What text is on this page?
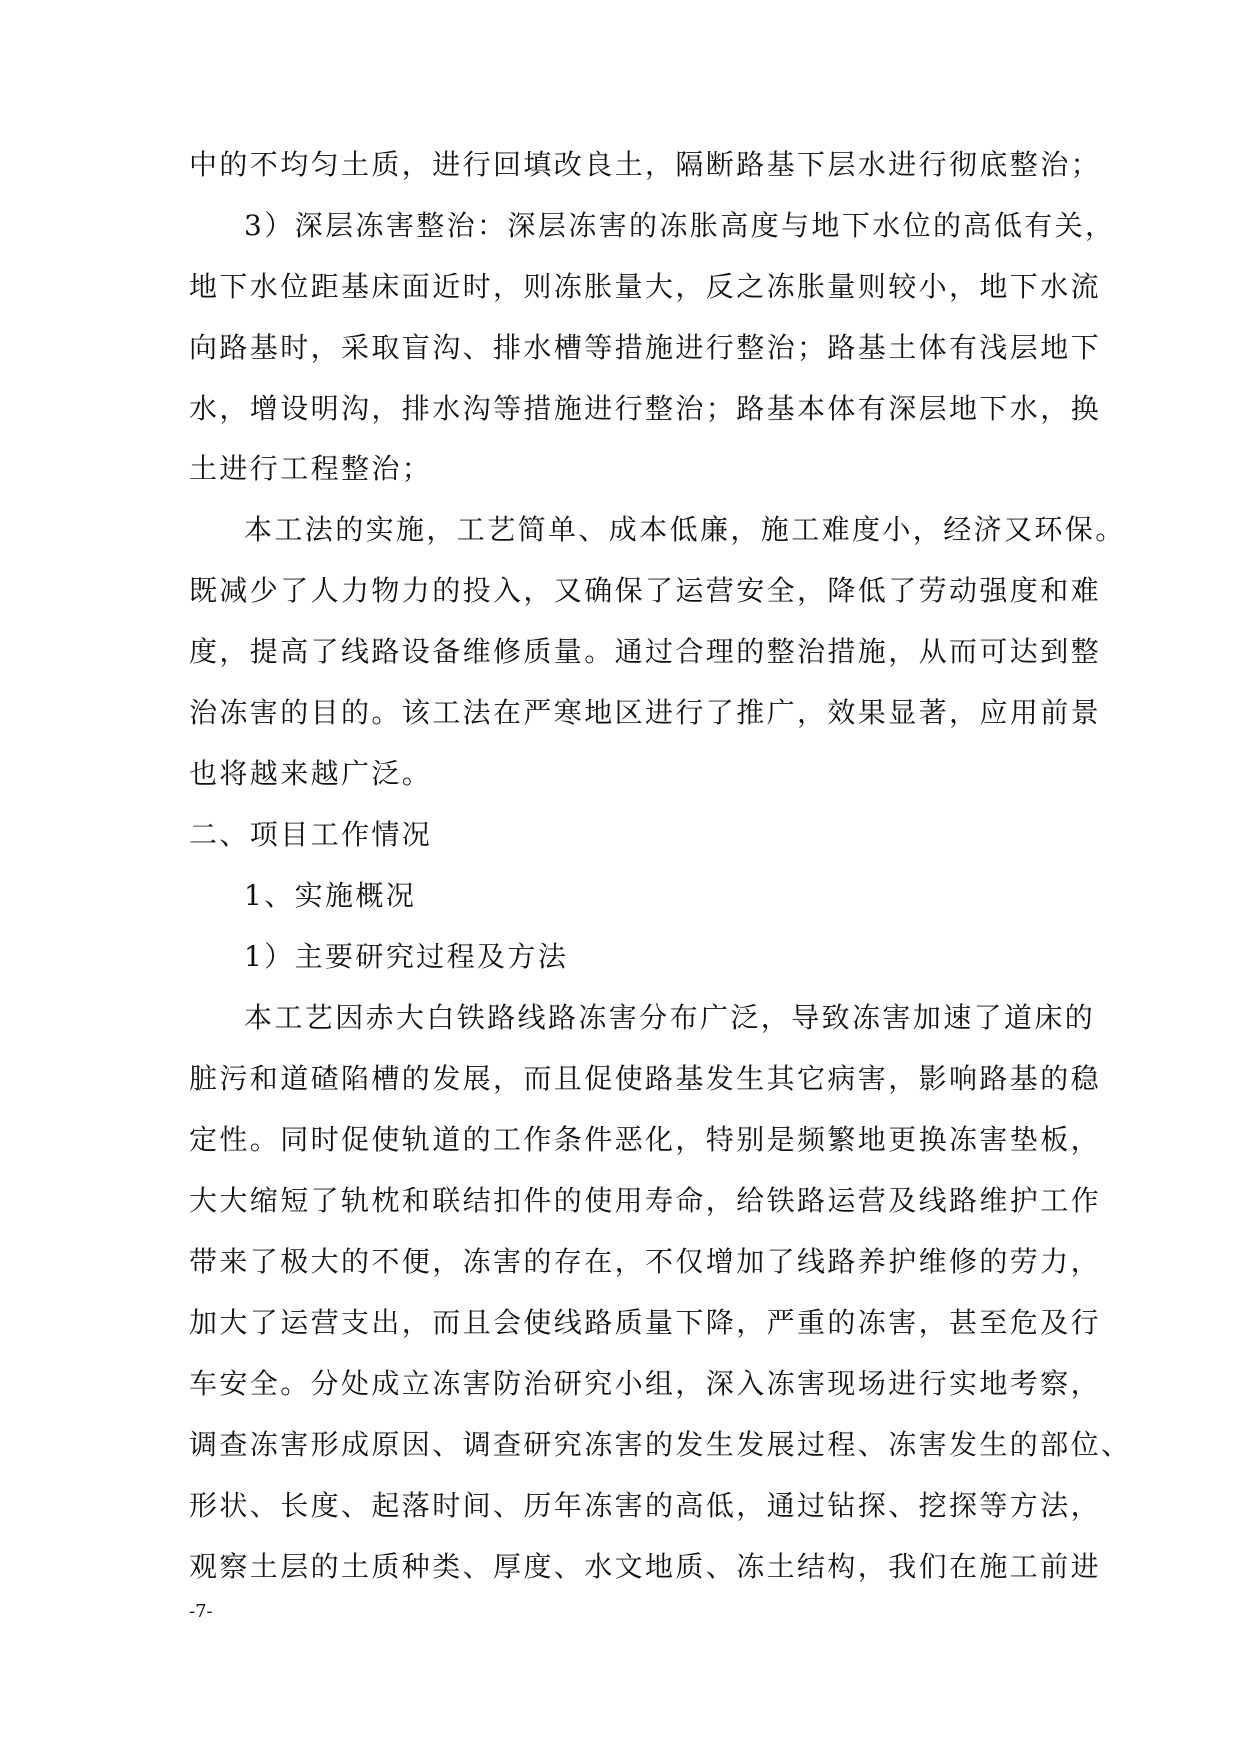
中的不均匀土质，进行回填改良土，隔断路基下层水进行彻底整治；
3）深层冻害整治：深层冻害的冻胀高度与地下水位的高低有关，
地下水位距基床面近时，则冻胀量大，反之冻胀量则较小，地下水流
向路基时，采取盲沟、排水槽等措施进行整治；路基土体有浅层地下
水，增设明沟，排水沟等措施进行整治；路基本体有深层地下水，换
土进行工程整治；
本工法的实施，工艺简单、成本低廉，施工难度小，经济又环保。
既减少了人力物力的投入，又确保了运营安全，降低了劳动强度和难
度，提高了线路设备维修质量。通过合理的整治措施，从而可达到整
治冻害的目的。该工法在严寒地区进行了推广，效果显著，应用前景
也将越来越广泛。
二、项目工作情况
1、实施概况
1）主要研究过程及方法
本工艺因赤大白铁路线路冻害分布广泛，导致冻害加速了道床的
脏污和道碴陷槽的发展，而且促使路基发生其它病害，影响路基的稳
定性。同时促使轨道的工作条件恶化，特别是频繁地更换冻害垫板，
大大缩短了轨枕和联结扣件的使用寿命，给铁路运营及线路维护工作
带来了极大的不便，冻害的存在，不仅增加了线路养护维修的劳力，
加大了运营支出，而且会使线路质量下降，严重的冻害，甚至危及行
车安全。分处成立冻害防治研究小组，深入冻害现场进行实地考察，
调查冻害形成原因、调查研究冻害的发生发展过程、冻害发生的部位、
形状、长度、起落时间、历年冻害的高低，通过钻探、挖探等方法，
观察土层的土质种类、厚度、水文地质、冻土结构，我们在施工前进
-7-
